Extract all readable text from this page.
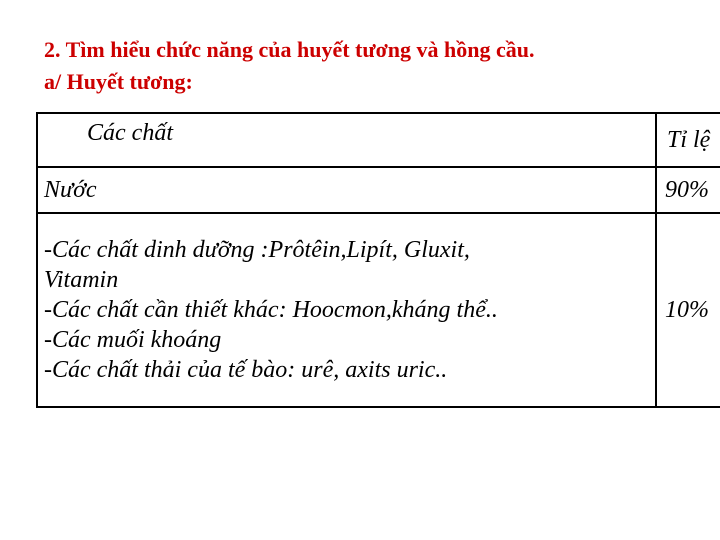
2. Tìm hiểu chức năng của huyết tương và hồng cầu.
a/ Huyết tương:
Các chất	Tỉ lệ
Nước	90%

-Các chất dinh dưỡng :Prôtêin,Lipít, Gluxit,
Vitamin
-Các chất cần thiết khác: Hoocmon,kháng thể..
-Các muối khoáng
-Các chất thải của tế bào: urê, axits uric..	10%
